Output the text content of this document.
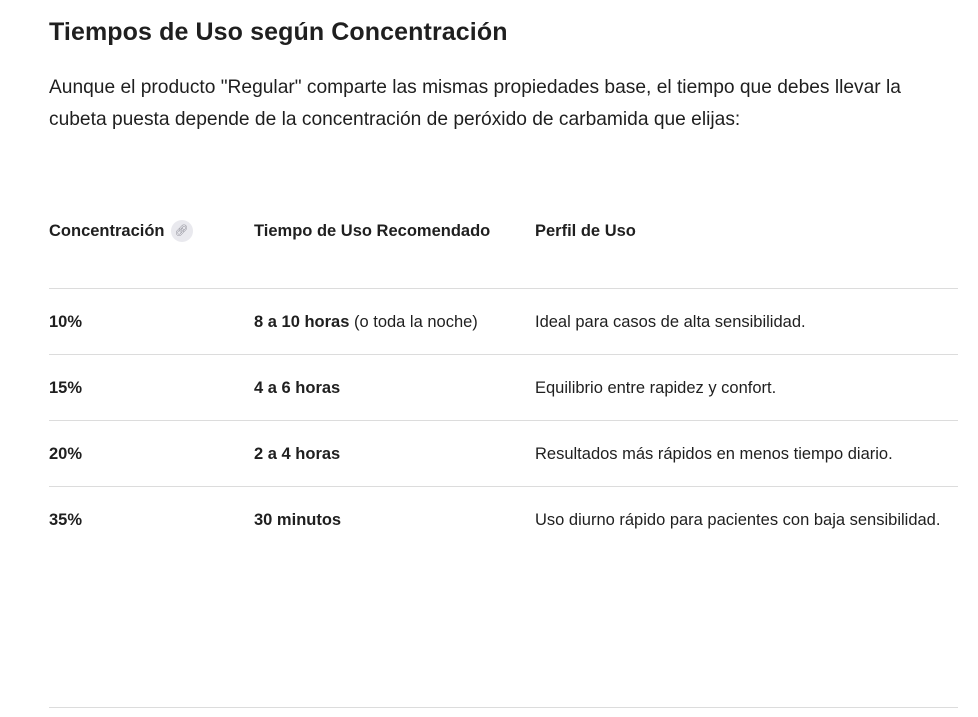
Tiempos de Uso según Concentración

Aunque el producto "Regular" comparte las mismas propiedades base, el tiempo que debes llevar la cubeta puesta depende de la concentración de peróxido de carbamida que elijas:

Concentración 🔗︎	Tiempo de Uso Recomendado	Perfil de Uso
10%	8 a 10 horas (o toda la noche)	Ideal para casos de alta sensibilidad.
15%	4 a 6 horas	Equilibrio entre rapidez y confort.
20%	2 a 4 horas	Resultados más rápidos en menos tiempo diario.
35%	30 minutos	Uso diurno rápido para pacientes con baja sensibilidad.
